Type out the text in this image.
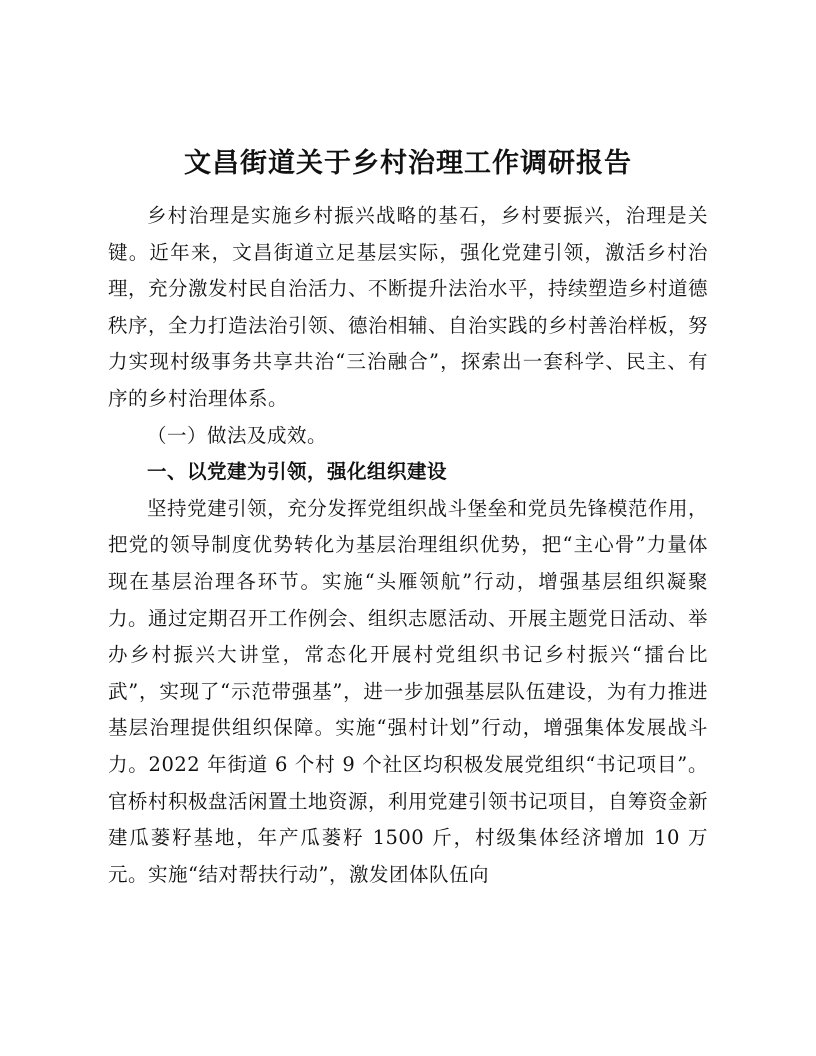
文昌街道关于乡村治理工作调研报告

乡村治理是实施乡村振兴战略的基石，乡村要振兴，治理是关键。近年来，文昌街道立足基层实际，强化党建引领，激活乡村治理，充分激发村民自治活力、不断提升法治水平，持续塑造乡村道德秩序，全力打造法治引领、德治相辅、自治实践的乡村善治样板，努力实现村级事务共享共治“三治融合”，探索出一套科学、民主、有序的乡村治理体系。

（一）做法及成效。

一、以党建为引领，强化组织建设

坚持党建引领，充分发挥党组织战斗堡垒和党员先锋模范作用，把党的领导制度优势转化为基层治理组织优势，把“主心骨”力量体现在基层治理各环节。实施“头雁领航”行动，增强基层组织凝聚力。通过定期召开工作例会、组织志愿活动、开展主题党日活动、举办乡村振兴大讲堂，常态化开展村党组织书记乡村振兴“擂台比武”，实现了“示范带强基”，进一步加强基层队伍建设，为有力推进基层治理提供组织保障。实施“强村计划”行动，增强集体发展战斗力。2022 年街道 6 个村 9 个社区均积极发展党组织“书记项目”。官桥村积极盘活闲置土地资源，利用党建引领书记项目，自筹资金新建瓜蒌籽基地，年产瓜蒌籽 1500 斤，村级集体经济增加 10 万元。实施“结对帮扶行动”，激发团体队伍向
